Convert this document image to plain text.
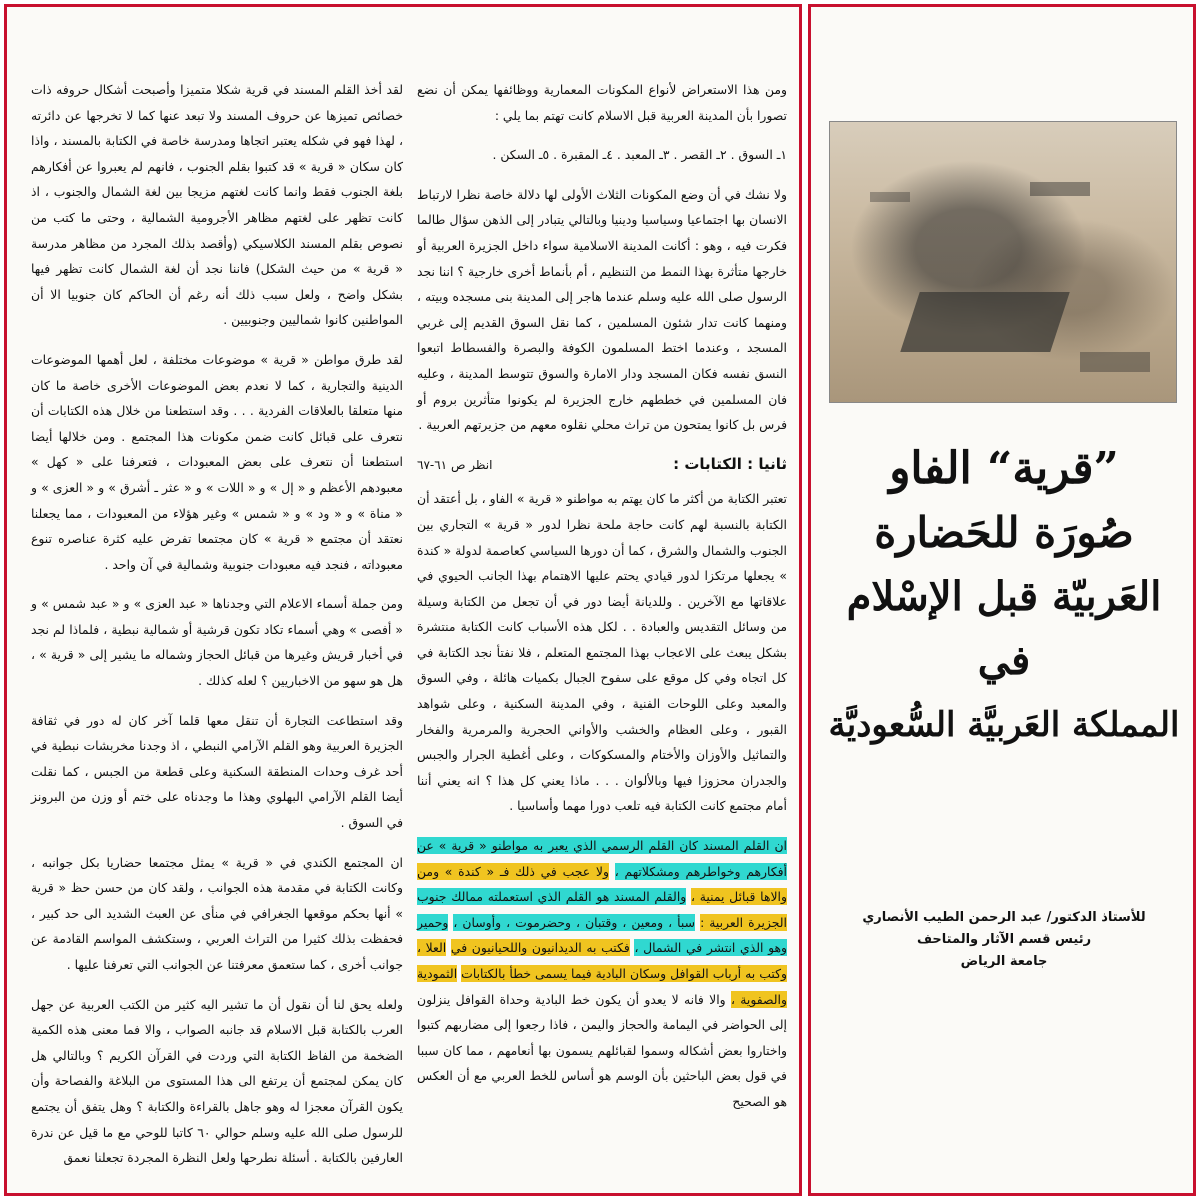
ومن هذا الاستعراض لأنواع المكونات المعمارية ووظائفها يمكن أن نضع تصورا بأن المدينة العربية قبل الاسلام كانت تهتم بما يلي :

١ـ السوق . ٢ـ القصر . ٣ـ المعبد . ٤ـ المقبرة . ٥ـ السكن .

ولا نشك في أن وضع المكونات الثلاث الأولى لها دلالة خاصة نظرا لارتباط الانسان بها اجتماعيا وسياسيا ودينيا وبالتالي يتبادر إلى الذهن سؤال طالما فكرت فيه ، وهو : أكانت المدينة الاسلامية سواء داخل الجزيرة العربية أو خارجها متأثرة بهذا النمط من التنظيم ، أم بأنماط أخرى خارجية ؟ اننا نجد الرسول صلى الله عليه وسلم عندما هاجر إلى المدينة بنى مسجده وبيته ، ومنهما كانت تدار شئون المسلمين ، كما نقل السوق القديم إلى غربي المسجد ، وعندما اختط المسلمون الكوفة والبصرة والفسطاط اتبعوا النسق نفسه فكان المسجد ودار الامارة والسوق تتوسط المدينة ، وعليه فان المسلمين في خططهم خارج الجزيرة لم يكونوا متأثرين بروم أو فرس بل كانوا يمتحون من تراث محلي نقلوه معهم من جزيرتهم العربية .

ثانيا : الكتابات :
انظر ص ٦١-٦٧

تعتبر الكتابة من أكثر ما كان يهتم به مواطنو « قرية » الفاو ، بل أعتقد أن الكتابة بالنسبة لهم كانت حاجة ملحة نظرا لدور « قرية » التجاري بين الجنوب والشمال والشرق ، كما أن دورها السياسي كعاصمة لدولة « كندة » يجعلها مرتكزا لدور قيادي يحتم عليها الاهتمام بهذا الجانب الحيوي في علاقاتها مع الآخرين . وللديانة أيضا دور في أن تجعل من الكتابة وسيلة من وسائل التقديس والعبادة . . لكل هذه الأسباب كانت الكتابة منتشرة بشكل يبعث على الاعجاب بهذا المجتمع المتعلم ، فلا نفتأ نجد الكتابة في كل اتجاه وفي كل موقع على سفوح الجبال بكميات هائلة ، وفي السوق والمعبد وعلى اللوحات الفنية ، وفي المدينة السكنية ، وعلى شواهد القبور ، وعلى العظام والخشب والأواني الحجرية والمرمرية والفخار والتماثيل والأوزان والأختام والمسكوكات ، وعلى أغطية الجرار والجبس والجدران محزوزا فيها وبالألوان . . . ماذا يعني كل هذا ؟ انه يعني أننا أمام مجتمع كانت الكتابة فيه تلعب دورا مهما وأساسيا .

ان القلم المسند كان القلم الرسمي الذي يعبر به مواطنو « قرية » عن أفكارهم وخواطرهم ومشكلاتهم ، ولا عجب في ذلك فـ « كندة » ومن والاها قبائل يمنية ، والقلم المسند هو القلم الذي استعملته ممالك جنوب الجزيرة العربية : سبأ ، ومعين ، وقتبان ، وحضرموت ، وأوسان ، وحمير وهو الذي انتشر في الشمال ، فكتب به الديدانيون واللحيانيون في العلا ، وكتب به أرباب القوافل وسكان البادية فيما يسمى خطأ بالكتابات الثمودية والصفوية ، والا فانه لا يعدو أن يكون خط البادية وحداة القوافل ينزلون إلى الحواضر في اليمامة والحجاز واليمن ، فاذا رجعوا إلى مضاربهم كتبوا واختاروا بعض أشكاله وسموا لقبائلهم يسمون بها أنعامهم ، مما كان سببا في قول بعض الباحثين بأن الوسم هو أساس للخط العربي مع أن العكس هو الصحيح

لقد أخذ القلم المسند في قرية شكلا متميزا وأصبحت أشكال حروفه ذات خصائص تميزها عن حروف المسند ولا تبعد عنها كما لا تخرجها عن دائرته ، لهذا فهو في شكله يعتبر اتجاها ومدرسة خاصة في الكتابة بالمسند ، واذا كان سكان « قرية » قد كتبوا بقلم الجنوب ، فانهم لم يعبروا عن أفكارهم بلغة الجنوب فقط وانما كانت لغتهم مزيجا بين لغة الشمال والجنوب ، اذ كانت تظهر على لغتهم مظاهر الأجرومية الشمالية ، وحتى ما كتب من نصوص بقلم المسند الكلاسيكي (وأقصد بذلك المجرد من مظاهر مدرسة « قرية » من حيث الشكل) فاننا نجد أن لغة الشمال كانت تظهر فيها بشكل واضح ، ولعل سبب ذلك أنه رغم أن الحاكم كان جنوبيا الا أن المواطنين كانوا شماليين وجنوبيين .

لقد طرق مواطن « قرية » موضوعات مختلفة ، لعل أهمها الموضوعات الدينية والتجارية ، كما لا نعدم بعض الموضوعات الأخرى خاصة ما كان منها متعلقا بالعلاقات الفردية . . . وقد استطعنا من خلال هذه الكتابات أن نتعرف على قبائل كانت ضمن مكونات هذا المجتمع . ومن خلالها أيضا استطعنا أن نتعرف على بعض المعبودات ، فتعرفنا على « كهل » معبودهم الأعظم و « إل » و « اللات » و « عثر ـ أشرق » و « العزى » و « مناة » و « ود » و « شمس » وغير هؤلاء من المعبودات ، مما يجعلنا نعتقد أن مجتمع « قرية » كان مجتمعا تفرض عليه كثرة عناصره تنوع معبوداته ، فنجد فيه معبودات جنوبية وشمالية في آن واحد .

ومن جملة أسماء الاعلام التي وجدناها « عبد العزى » و « عبد شمس » و « أفصى » وهي أسماء تكاد تكون قرشية أو شمالية نبطية ، فلماذا لم نجد في أخبار قريش وغيرها من قبائل الحجاز وشماله ما يشير إلى « قرية » ، هل هو سهو من الاخباريين ؟ لعله كذلك .

وقد استطاعت التجارة أن تنقل معها قلما آخر كان له دور في ثقافة الجزيرة العربية وهو القلم الآرامي النبطي ، اذ وجدنا مخربشات نبطية في أحد غرف وحدات المنطقة السكنية وعلى قطعة من الجبس ، كما نقلت أيضا القلم الآرامي البهلوي وهذا ما وجدناه على ختم أو وزن من البرونز في السوق .

ان المجتمع الكندي في « قرية » يمثل مجتمعا حضاريا بكل جوانبه ، وكانت الكتابة في مقدمة هذه الجوانب ، ولقد كان من حسن حظ « قرية » أنها بحكم موقعها الجغرافي في منأى عن العبث الشديد الى حد كبير ، فحفظت بذلك كثيرا من التراث العربي ، وستكشف المواسم القادمة عن جوانب أخرى ، كما ستعمق معرفتنا عن الجوانب التي تعرفنا عليها .

ولعله يحق لنا أن نقول أن ما تشير اليه كثير من الكتب العربية عن جهل العرب بالكتابة قبل الاسلام قد جانبه الصواب ، والا فما معنى هذه الكمية الضخمة من الفاظ الكتابة التي وردت في القرآن الكريم ؟ وبالتالي هل كان يمكن لمجتمع أن يرتفع الى هذا المستوى من البلاغة والفصاحة وأن يكون القرآن معجزا له وهو جاهل بالقراءة والكتابة ؟ وهل يتفق أن يجتمع للرسول صلى الله عليه وسلم حوالي ٦٠ كاتبا للوحي مع ما قيل عن ندرة العارفين بالكتابة . أسئلة نطرحها ولعل النظرة المجردة تجعلنا نعمق

”قرية“ الفاو
صُورَة للحَضارة
العَربيّة قبل الإسْلام
في
المملكة العَربيَّة السُّعوديَّة
للأستاذ الدكتور/ عبد الرحمن الطيب الأنصاري
رئيس قسم الآثار والمتاحف
جامعة الرياض
